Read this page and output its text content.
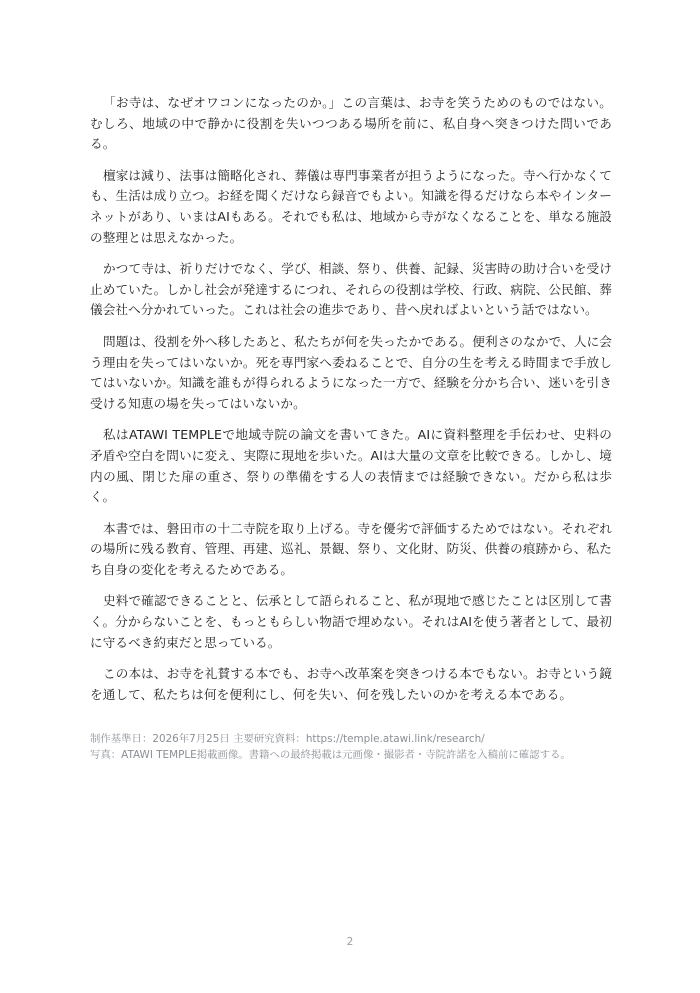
「お寺は、なぜオワコンになったのか。」この言葉は、お寺を笑うためのものではない。むしろ、地域の中で静かに役割を失いつつある場所を前に、私自身へ突きつけた問いである。

檀家は減り、法事は簡略化され、葬儀は専門事業者が担うようになった。寺へ行かなくても、生活は成り立つ。お経を聞くだけなら録音でもよい。知識を得るだけなら本やインターネットがあり、いまはAIもある。それでも私は、地域から寺がなくなることを、単なる施設の整理とは思えなかった。

かつて寺は、祈りだけでなく、学び、相談、祭り、供養、記録、災害時の助け合いを受け止めていた。しかし社会が発達するにつれ、それらの役割は学校、行政、病院、公民館、葬儀会社へ分かれていった。これは社会の進歩であり、昔へ戻ればよいという話ではない。

問題は、役割を外へ移したあと、私たちが何を失ったかである。便利さのなかで、人に会う理由を失ってはいないか。死を専門家へ委ねることで、自分の生を考える時間まで手放してはいないか。知識を誰もが得られるようになった一方で、経験を分かち合い、迷いを引き受ける知恵の場を失ってはいないか。

私はATAWI TEMPLEで地域寺院の論文を書いてきた。AIに資料整理を手伝わせ、史料の矛盾や空白を問いに変え、実際に現地を歩いた。AIは大量の文章を比較できる。しかし、境内の風、閉じた扉の重さ、祭りの準備をする人の表情までは経験できない。だから私は歩く。

本書では、磐田市の十二寺院を取り上げる。寺を優劣で評価するためではない。それぞれの場所に残る教育、管理、再建、巡礼、景観、祭り、文化財、防災、供養の痕跡から、私たち自身の変化を考えるためである。

史料で確認できることと、伝承として語られること、私が現地で感じたことは区別して書く。分からないことを、もっともらしい物語で埋めない。それはAIを使う著者として、最初に守るべき約束だと思っている。

この本は、お寺を礼賛する本でも、お寺へ改革案を突きつける本でもない。お寺という鏡を通して、私たちは何を便利にし、何を失い、何を残したいのかを考える本である。

制作基準日：2026年7月25日 主要研究資料：https://temple.atawi.link/research/
写真：ATAWI TEMPLE掲載画像。書籍への最終掲載は元画像・撮影者・寺院許諾を入稿前に確認する。
2
